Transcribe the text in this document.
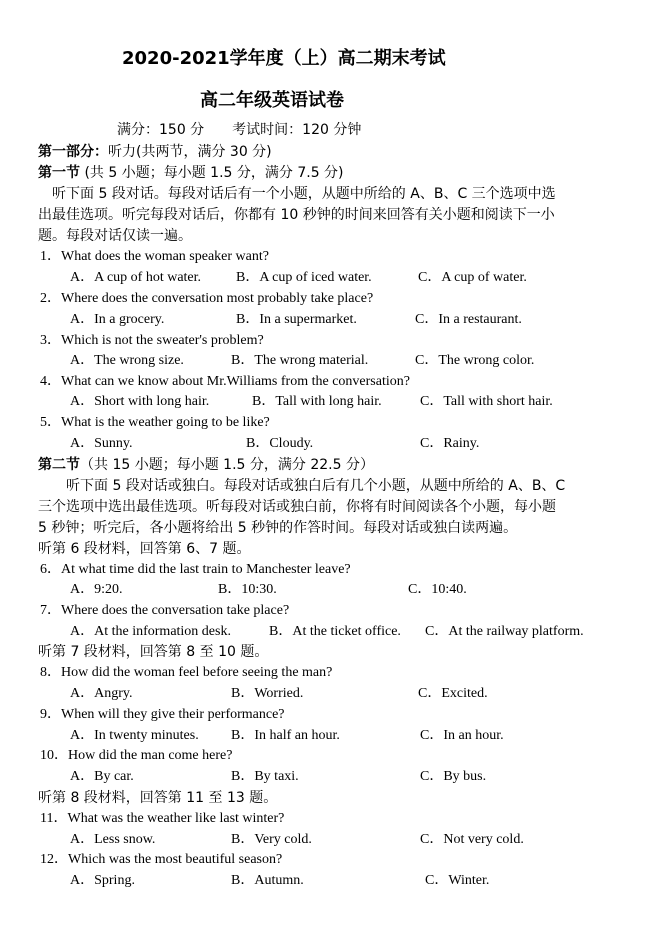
2020-2021学年度（上）高二期末考试
高二年级英语试卷
满分：150 分　　考试时间：120 分钟
第一部分：听力(共两节，满分 30 分)
第一节 (共 5 小题；每小题 1.5 分，满分 7.5 分)
　听下面 5 段对话。每段对话后有一个小题，从题中所给的 A、B、C 三个选项中选
出最佳选项。听完每段对话后，你都有 10 秒钟的时间来回答有关小题和阅读下一小
题。每段对话仅读一遍。
1．What does the woman speaker want?
A．A cup of hot water. B．A cup of iced water.	C．A cup of water.
2．Where does the conversation most probably take place?
A．In a grocery.	B．In a supermarket.	C．In a restaurant.
3．Which is not the sweater's problem?
A．The wrong size.	B．The wrong material.	C．The wrong color.
4．What can we know about Mr.Williams from the conversation?
A．Short with long hair.	B．Tall with long hair.	C．Tall with short hair.
5．What is the weather going to be like?
A．Sunny.	B．Cloudy.	C．Rainy.
第二节（共 15 小题；每小题 1.5 分，满分 22.5 分）
　　听下面 5 段对话或独白。每段对话或独白后有几个小题，从题中所给的 A、B、C
三个选项中选出最佳选项。听每段对话或独白前，你将有时间阅读各个小题，每小题
5 秒钟；听完后，各小题将给出 5 秒钟的作答时间。每段对话或独白读两遍。
听第 6 段材料，回答第 6、7 题。
6．At what time did the last train to Manchester leave?
A．9:20.	B．10:30.	C．10:40.
7．Where does the conversation take place?
A．At the information desk.	B．At the ticket office. C．At the railway platform.
听第 7 段材料，回答第 8 至 10 题。
8．How did the woman feel before seeing the man?
A．Angry.	B．Worried.	C．Excited.
9．When will they give their performance?
A．In twenty minutes. B．In half an hour.	C．In an hour.
10．How did the man come here?
A．By car.	B．By taxi.	C．By bus.
听第 8 段材料，回答第 11 至 13 题。
11．What was the weather like last winter?
A．Less snow.	B．Very cold.	C．Not very cold.
12．Which was the most beautiful season?
A．Spring.	B．Autumn.	C．Winter.
